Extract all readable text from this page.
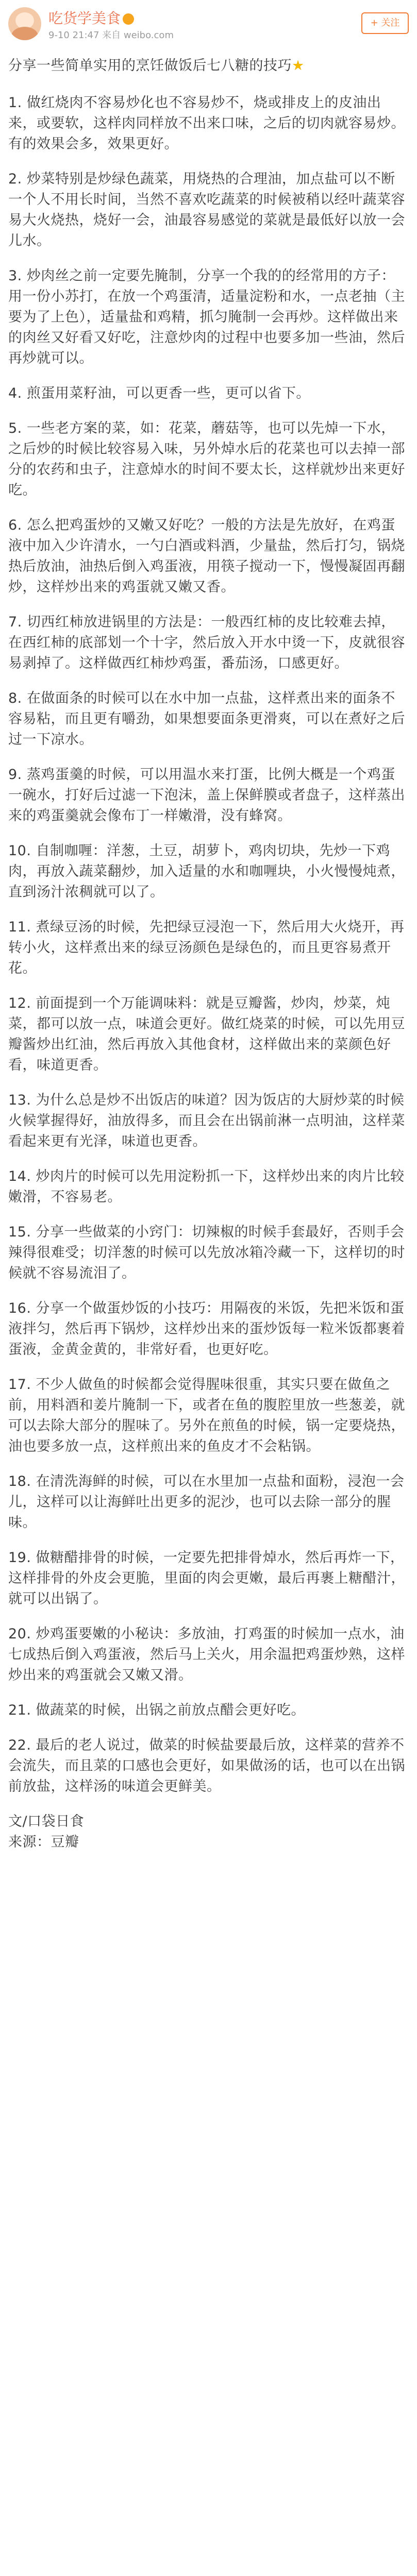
吃货学美食
9-10 21:47 来自 weibo.com
+ 关注

分享一些简单实用的烹饪做饭后七八糖的技巧★

1. 做红烧肉不容易炒化也不容易炒不，烧或排皮上的皮油出来，或要软，这样肉同样放不出来口味，之后的切肉就容易炒。有的效果会多，效果更好。

2. 炒菜特别是炒绿色蔬菜，用烧热的合理油，加点盐可以不断一个人不用长时间，当然不喜欢吃蔬菜的时候被稍以经叶蔬菜容易大火烧热，烧好一会，油最容易感觉的菜就是最低好以放一会儿水。

3. 炒肉丝之前一定要先腌制，分享一个我的的经常用的方子：用一份小苏打，在放一个鸡蛋清，适量淀粉和水，一点老抽（主要为了上色），适量盐和鸡精，抓匀腌制一会再炒。这样做出来的肉丝又好看又好吃，注意炒肉的过程中也要多加一些油，然后再炒就可以。

4. 煎蛋用菜籽油，可以更香一些，更可以省下。

5. 一些老方案的菜，如：花菜，蘑菇等，也可以先焯一下水，之后炒的时候比较容易入味，另外焯水后的花菜也可以去掉一部分的农药和虫子，注意焯水的时间不要太长，这样就炒出来更好吃。

6. 怎么把鸡蛋炒的又嫩又好吃？一般的方法是先放好，在鸡蛋液中加入少许清水，一勺白酒或料酒，少量盐，然后打匀，锅烧热后放油，油热后倒入鸡蛋液，用筷子搅动一下，慢慢凝固再翻炒，这样炒出来的鸡蛋就又嫩又香。

7. 切西红柿放进锅里的方法是：一般西红柿的皮比较难去掉，在西红柿的底部划一个十字，然后放入开水中烫一下，皮就很容易剥掉了。这样做西红柿炒鸡蛋，番茄汤，口感更好。

8. 在做面条的时候可以在水中加一点盐，这样煮出来的面条不容易粘，而且更有嚼劲，如果想要面条更滑爽，可以在煮好之后过一下凉水。

9. 蒸鸡蛋羹的时候，可以用温水来打蛋，比例大概是一个鸡蛋一碗水，打好后过滤一下泡沫，盖上保鲜膜或者盘子，这样蒸出来的鸡蛋羹就会像布丁一样嫩滑，没有蜂窝。

10. 自制咖喱：洋葱，土豆，胡萝卜，鸡肉切块，先炒一下鸡肉，再放入蔬菜翻炒，加入适量的水和咖喱块，小火慢慢炖煮，直到汤汁浓稠就可以了。

11. 煮绿豆汤的时候，先把绿豆浸泡一下，然后用大火烧开，再转小火，这样煮出来的绿豆汤颜色是绿色的，而且更容易煮开花。

12. 前面提到一个万能调味料：就是豆瓣酱，炒肉，炒菜，炖菜，都可以放一点，味道会更好。做红烧菜的时候，可以先用豆瓣酱炒出红油，然后再放入其他食材，这样做出来的菜颜色好看，味道更香。

13. 为什么总是炒不出饭店的味道？因为饭店的大厨炒菜的时候火候掌握得好，油放得多，而且会在出锅前淋一点明油，这样菜看起来更有光泽，味道也更香。

14. 炒肉片的时候可以先用淀粉抓一下，这样炒出来的肉片比较嫩滑，不容易老。

15. 分享一些做菜的小窍门：切辣椒的时候手套最好，否则手会辣得很难受；切洋葱的时候可以先放冰箱冷藏一下，这样切的时候就不容易流泪了。

16. 分享一个做蛋炒饭的小技巧：用隔夜的米饭，先把米饭和蛋液拌匀，然后再下锅炒，这样炒出来的蛋炒饭每一粒米饭都裹着蛋液，金黄金黄的，非常好看，也更好吃。

17. 不少人做鱼的时候都会觉得腥味很重，其实只要在做鱼之前，用料酒和姜片腌制一下，或者在鱼的腹腔里放一些葱姜，就可以去除大部分的腥味了。另外在煎鱼的时候，锅一定要烧热，油也要多放一点，这样煎出来的鱼皮才不会粘锅。

18. 在清洗海鲜的时候，可以在水里加一点盐和面粉，浸泡一会儿，这样可以让海鲜吐出更多的泥沙，也可以去除一部分的腥味。

19. 做糖醋排骨的时候，一定要先把排骨焯水，然后再炸一下，这样排骨的外皮会更脆，里面的肉会更嫩，最后再裹上糖醋汁，就可以出锅了。

20. 炒鸡蛋要嫩的小秘诀：多放油，打鸡蛋的时候加一点水，油七成热后倒入鸡蛋液，然后马上关火，用余温把鸡蛋炒熟，这样炒出来的鸡蛋就会又嫩又滑。

21. 做蔬菜的时候，出锅之前放点醋会更好吃。

22. 最后的老人说过，做菜的时候盐要最后放，这样菜的营养不会流失，而且菜的口感也会更好，如果做汤的话，也可以在出锅前放盐，这样汤的味道会更鲜美。

文/口袋日食
来源：豆瓣
